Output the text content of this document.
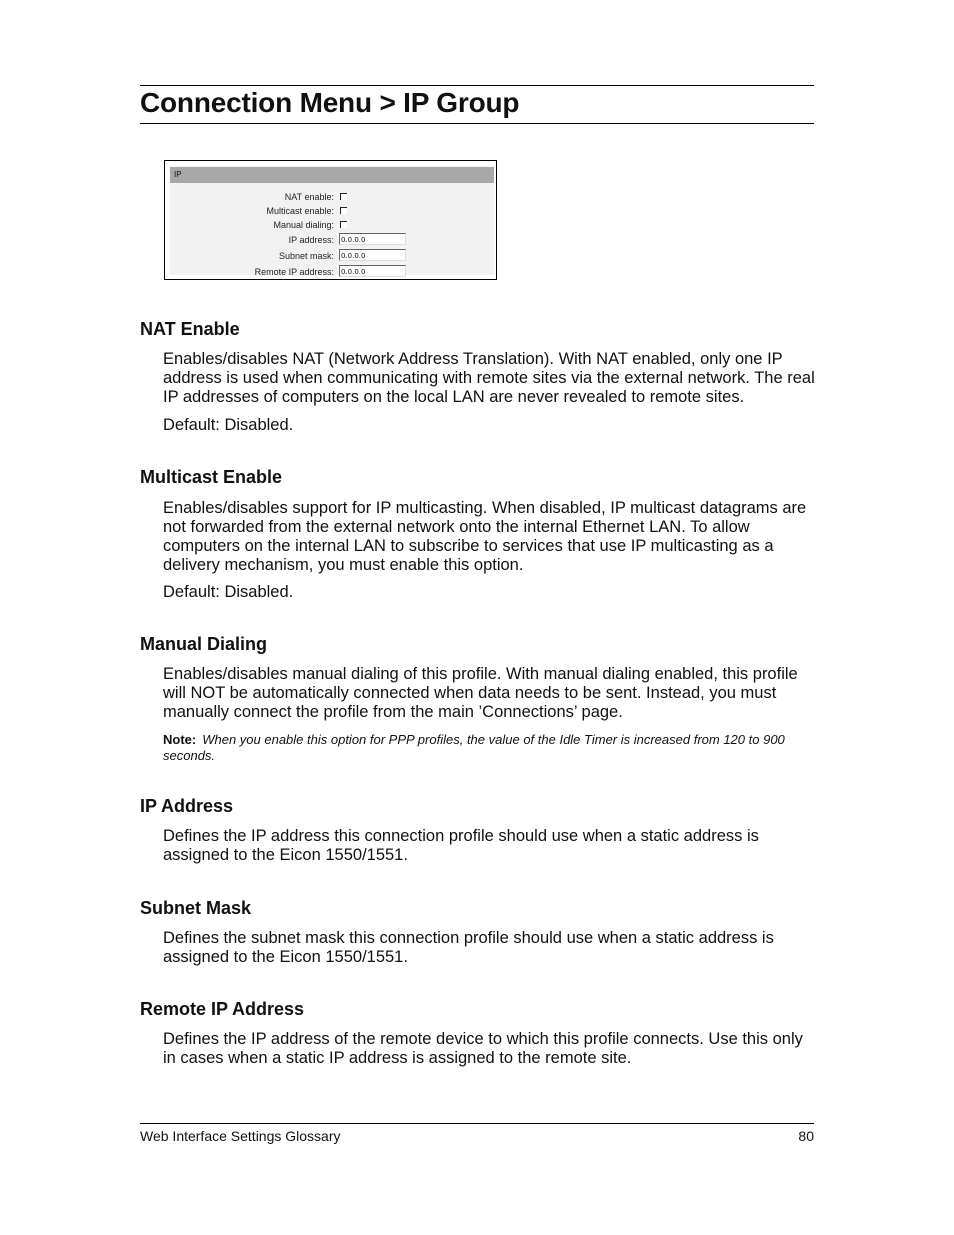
Connection Menu > IP Group
IP
NAT enable:
Multicast enable:
Manual dialing:
IP address: 0.0.0.0
Subnet mask: 0.0.0.0
Remote IP address: 0.0.0.0
NAT Enable

Enables/disables NAT (Network Address Translation). With NAT enabled, only one IP address is used when communicating with remote sites via the external network. The real IP addresses of computers on the local LAN are never revealed to remote sites.

Default: Disabled.

Multicast Enable

Enables/disables support for IP multicasting. When disabled, IP multicast datagrams are not forwarded from the external network onto the internal Ethernet LAN. To allow computers on the internal LAN to subscribe to services that use IP multicasting as a delivery mechanism, you must enable this option.

Default: Disabled.

Manual Dialing

Enables/disables manual dialing of this profile. With manual dialing enabled, this profile will NOT be automatically connected when data needs to be sent. Instead, you must manually connect the profile from the main ’Connections’ page.

Note: When you enable this option for PPP profiles, the value of the Idle Timer is increased from 120 to 900 seconds.

IP Address

Defines the IP address this connection profile should use when a static address is assigned to the Eicon 1550/1551.

Subnet Mask

Defines the subnet mask this connection profile should use when a static address is assigned to the Eicon 1550/1551.

Remote IP Address

Defines the IP address of the remote device to which this profile connects. Use this only in cases when a static IP address is assigned to the remote site.

Web Interface Settings Glossary	80
